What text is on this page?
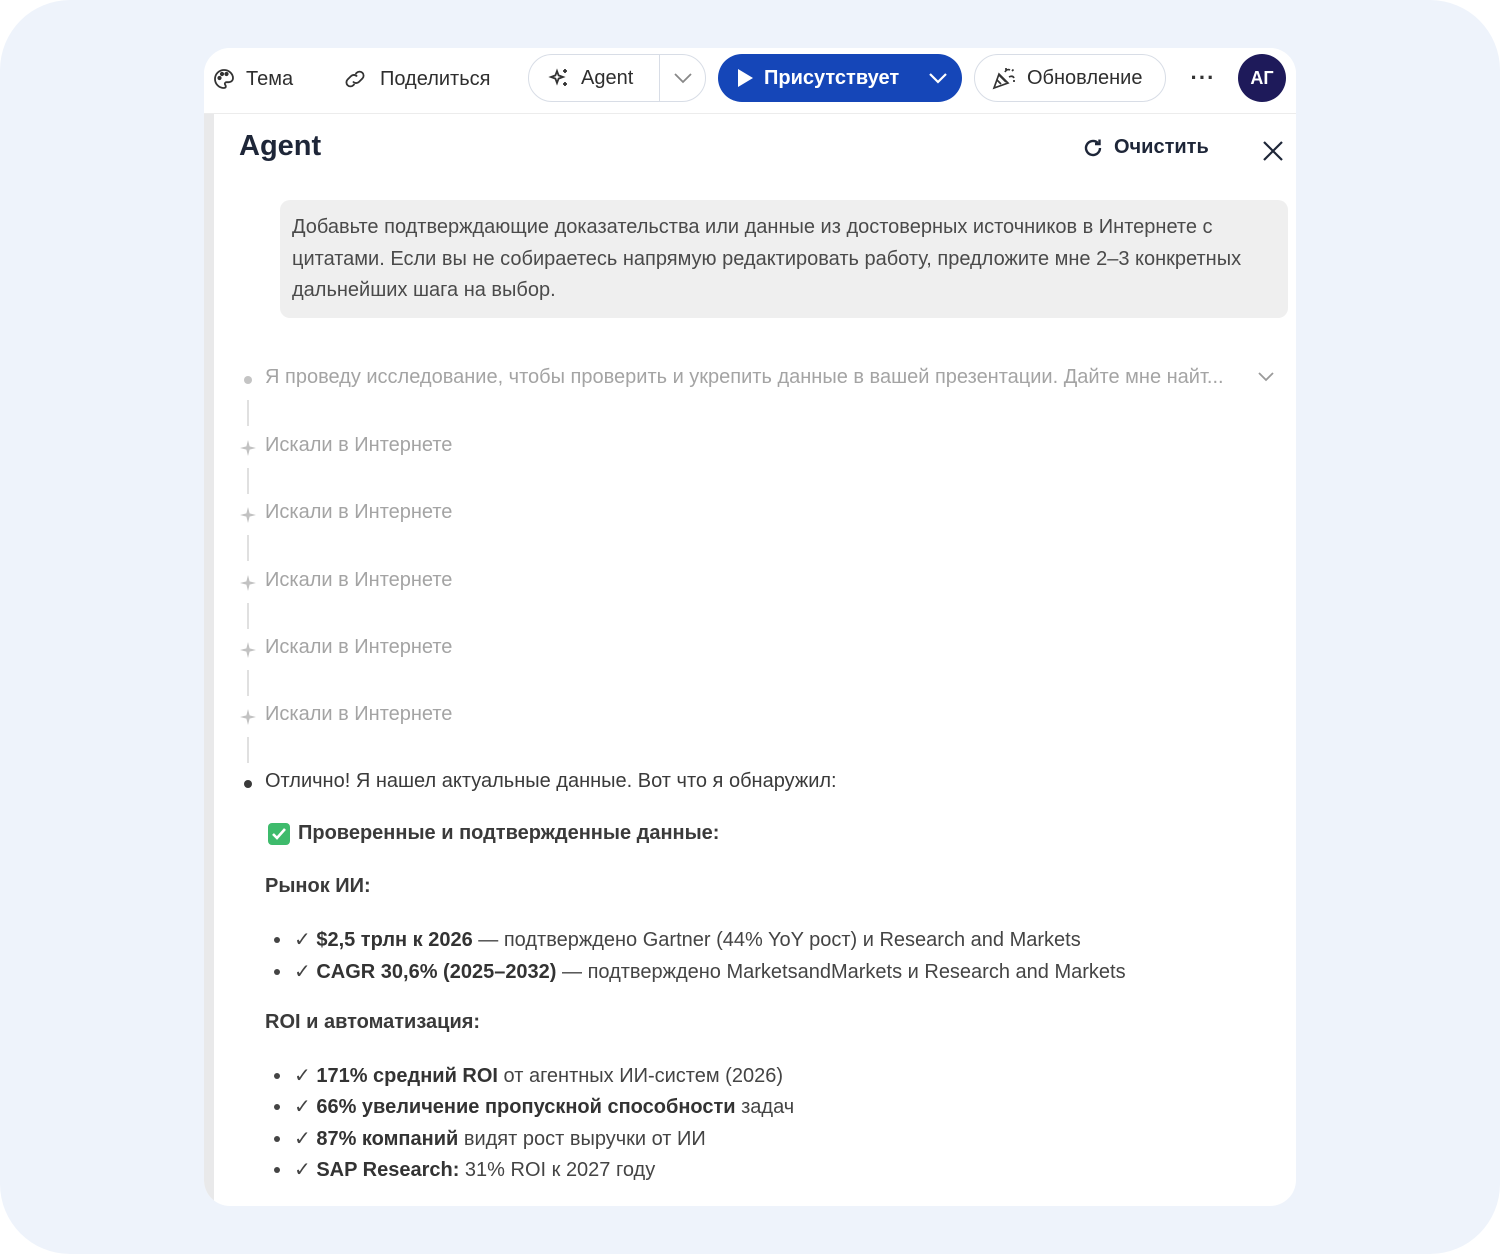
Тема	Поделиться	Agent	Присутствует	Обновление ···	АГ
Agent	Очистить
Добавьте подтверждающие доказательства или данные из достоверных источников в Интернете с цитатами. Если вы не собираетесь напрямую редактировать работу, предложите мне 2–3 конкретных дальнейших шага на выбор.
Я проведу исследование, чтобы проверить и укрепить данные в вашей презентации. Дайте мне найт...
Искали в Интернете
Искали в Интернете
Искали в Интернете
Искали в Интернете
Искали в Интернете
Отлично! Я нашел актуальные данные. Вот что я обнаружил:
Проверенные и подтвержденные данные:
Рынок ИИ:
✓ $2,5 трлн к 2026 — подтверждено Gartner (44% YoY рост) и Research and Markets
✓ CAGR 30,6% (2025–2032) — подтверждено MarketsandMarkets и Research and Markets
ROI и автоматизация:
✓ 171% средний ROI от агентных ИИ-систем (2026)
✓ 66% увеличение пропускной способности задач
✓ 87% компаний видят рост выручки от ИИ
✓ SAP Research: 31% ROI к 2027 году
